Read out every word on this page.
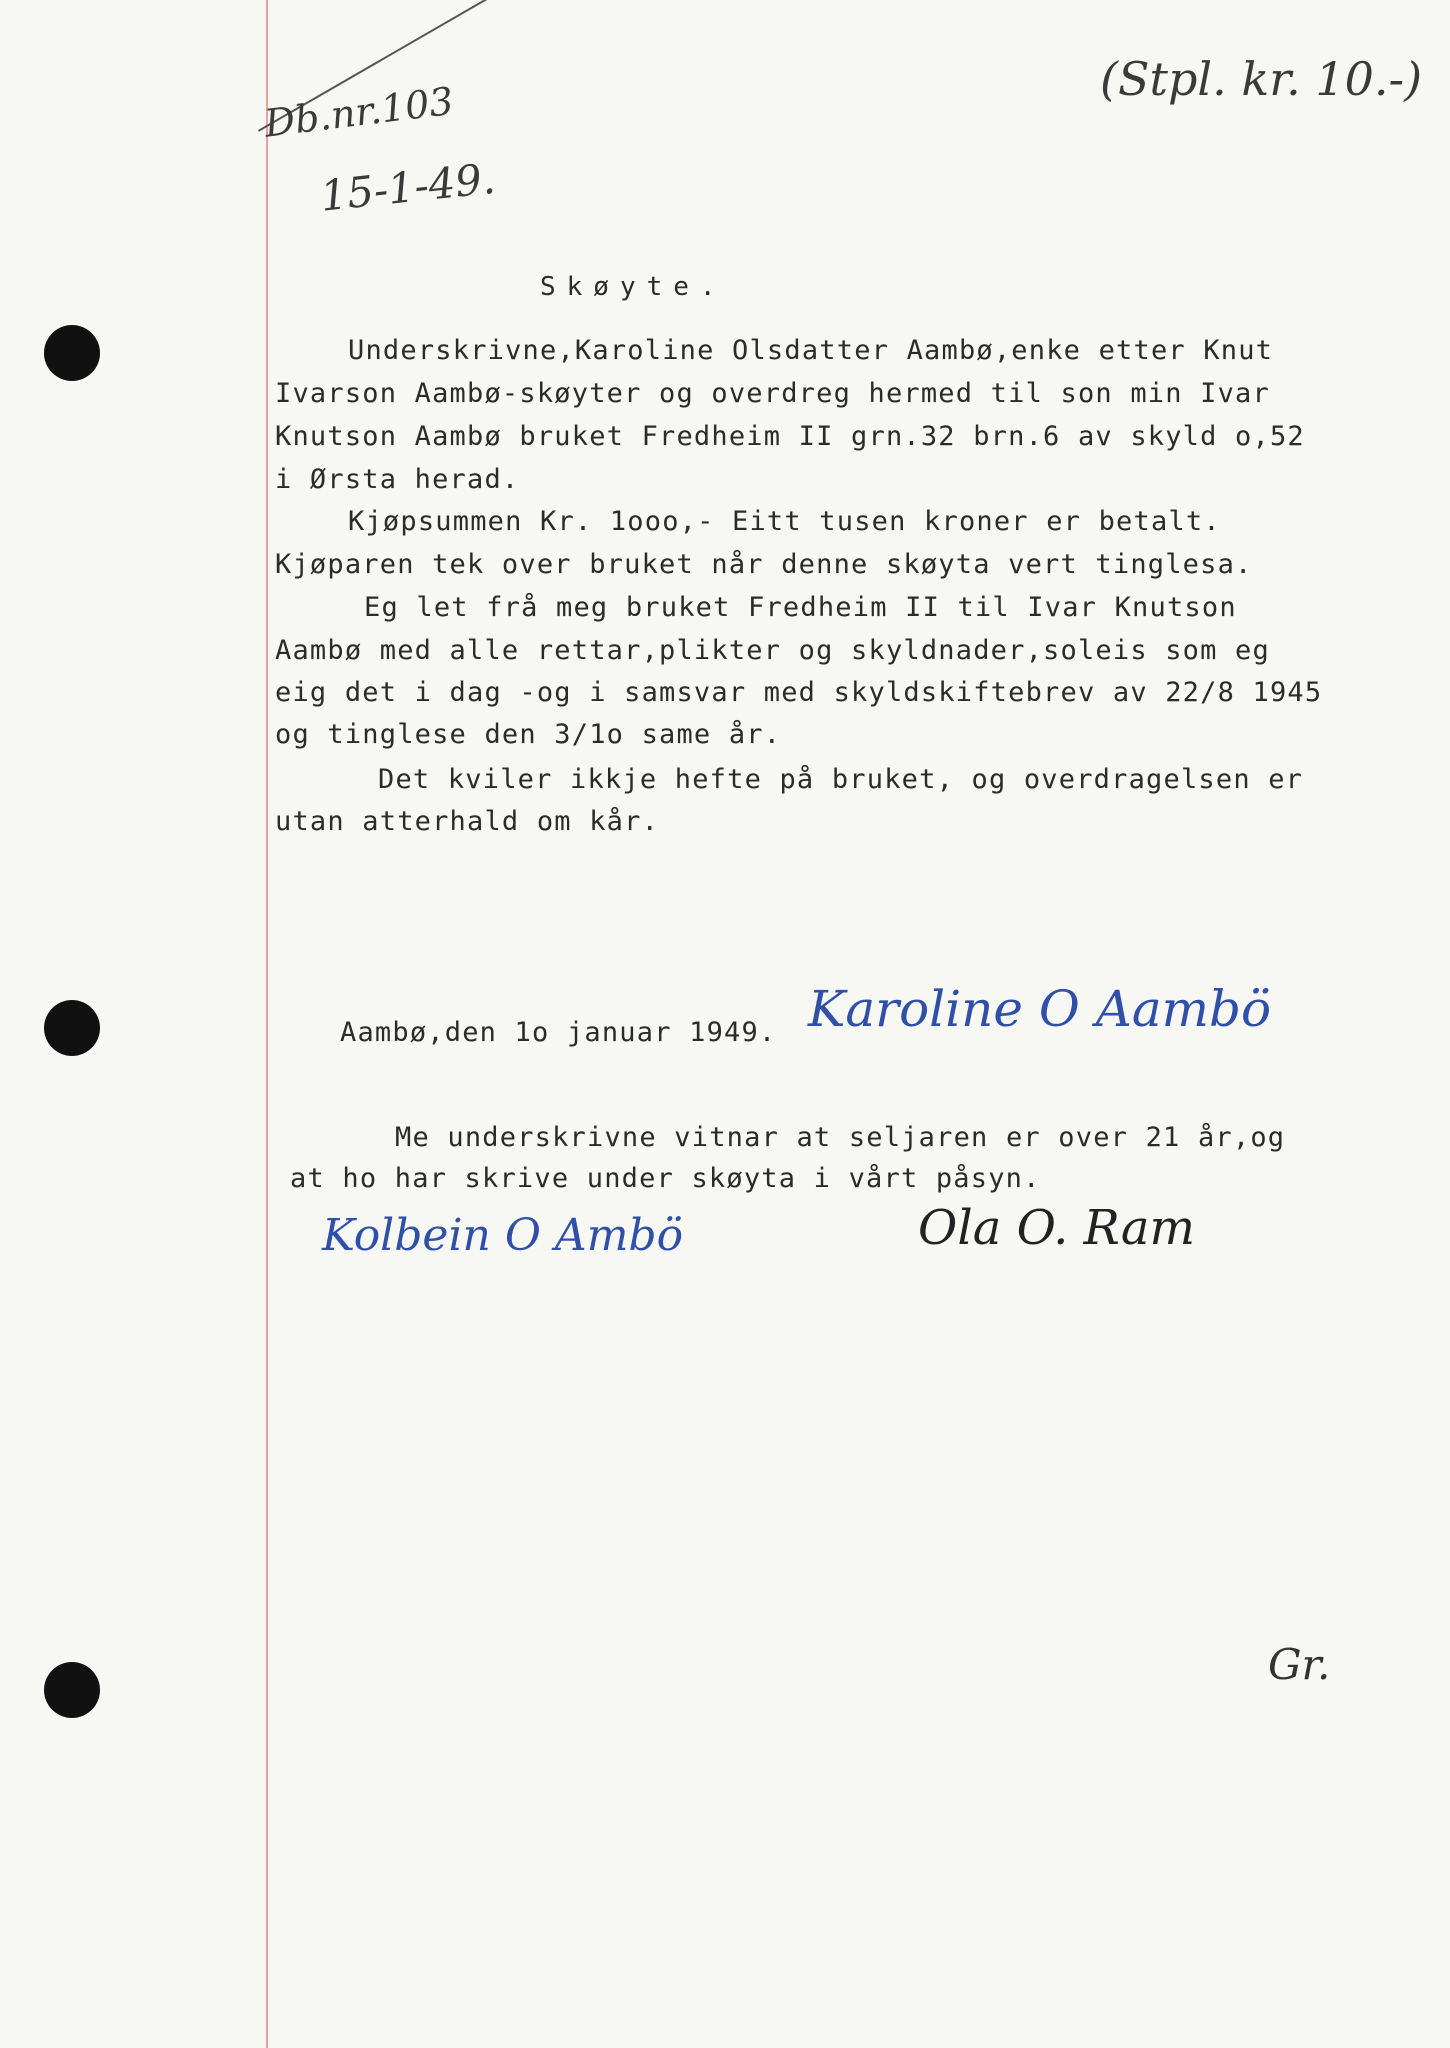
Db.nr.103
15-1-49.
(Stpl. kr. 10.-)
Skøyte.
Underskrivne,Karoline Olsdatter Aambø,enke etter Knut
Ivarson Aambø-skøyter og overdreg hermed til son min Ivar
Knutson Aambø bruket Fredheim II grn.32 brn.6 av skyld o,52
i Ørsta herad.
Kjøpsummen Kr. 1ooo,- Eitt tusen kroner er betalt.
Kjøparen tek over bruket når denne skøyta vert tinglesa.
Eg let frå meg bruket Fredheim II til Ivar Knutson
Aambø med alle rettar,plikter og skyldnader,soleis som eg
eig det i dag -og i samsvar med skyldskiftebrev av 22/8 1945
og tinglese den 3/1o same år.
Det kviler ikkje hefte på bruket, og overdragelsen er
utan atterhald om kår.
Aambø,den 1o januar 1949. Karoline O Aambö
Me underskrivne vitnar at seljaren er over 21 år,og
at ho har skrive under skøyta i vårt påsyn.
Kolbein O Ambö	Ola O. Ram
Gr.
